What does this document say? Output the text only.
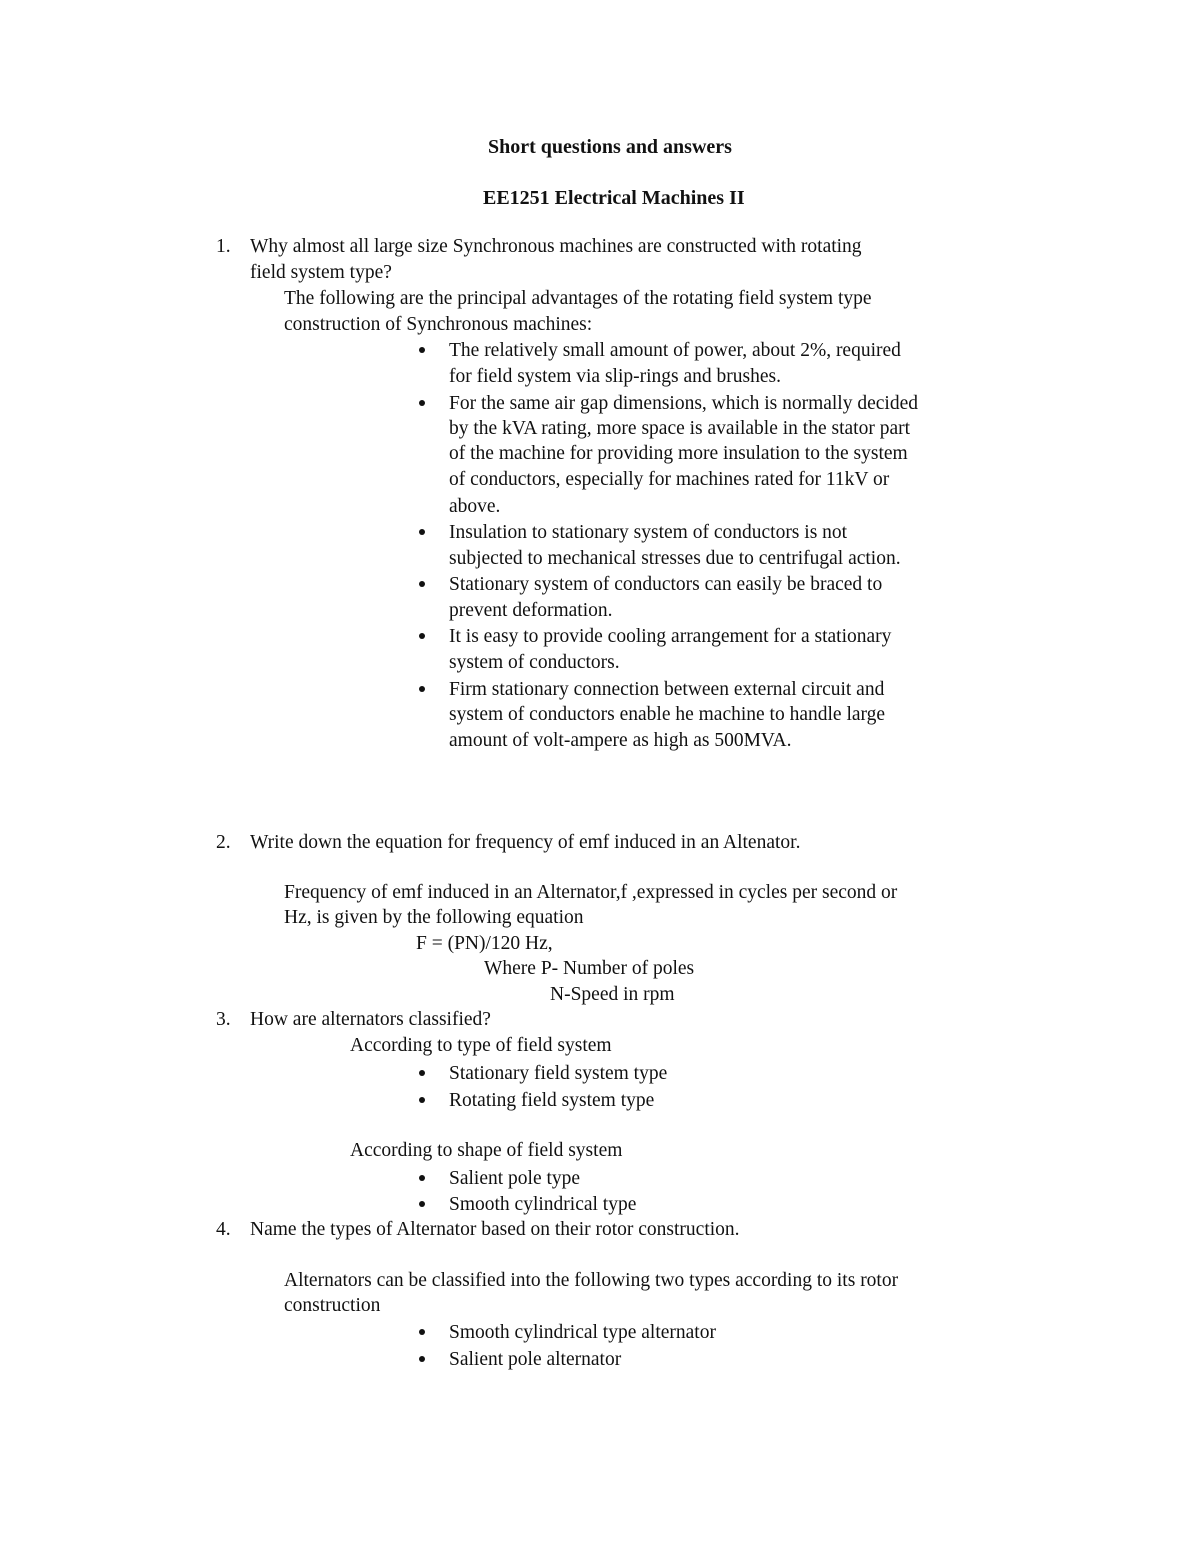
Short questions and answers
EE1251 Electrical Machines II
1. Why almost all large size Synchronous machines are constructed with rotating
field system type?
The following are the principal advantages of the rotating field system type
construction of Synchronous machines:
The relatively small amount of power, about 2%, required
for field system via slip-rings and brushes.
For the same air gap dimensions, which is normally decided
by the kVA rating, more space is available in the stator part
of the machine for providing more insulation to the system
of conductors, especially for machines rated for 11kV or
above.
Insulation to stationary system of conductors is not
subjected to mechanical stresses due to centrifugal action.
Stationary system of conductors can easily be braced to
prevent deformation.
It is easy to provide cooling arrangement for a stationary
system of conductors.
Firm stationary connection between external circuit and
system of conductors enable he machine to handle large
amount of volt-ampere as high as 500MVA.
2. Write down the equation for frequency of emf induced in an Altenator.
Frequency of emf induced in an Alternator,f ,expressed in cycles per second or
Hz, is given by the following equation
F = (PN)/120 Hz,
Where P- Number of poles
N-Speed in rpm
3. How are alternators classified?
According to type of field system
Stationary field system type
Rotating field system type
According to shape of field system
Salient pole type
Smooth cylindrical type
4. Name the types of Alternator based on their rotor construction.
Alternators can be classified into the following two types according to its rotor
construction
Smooth cylindrical type alternator
Salient pole alternator
